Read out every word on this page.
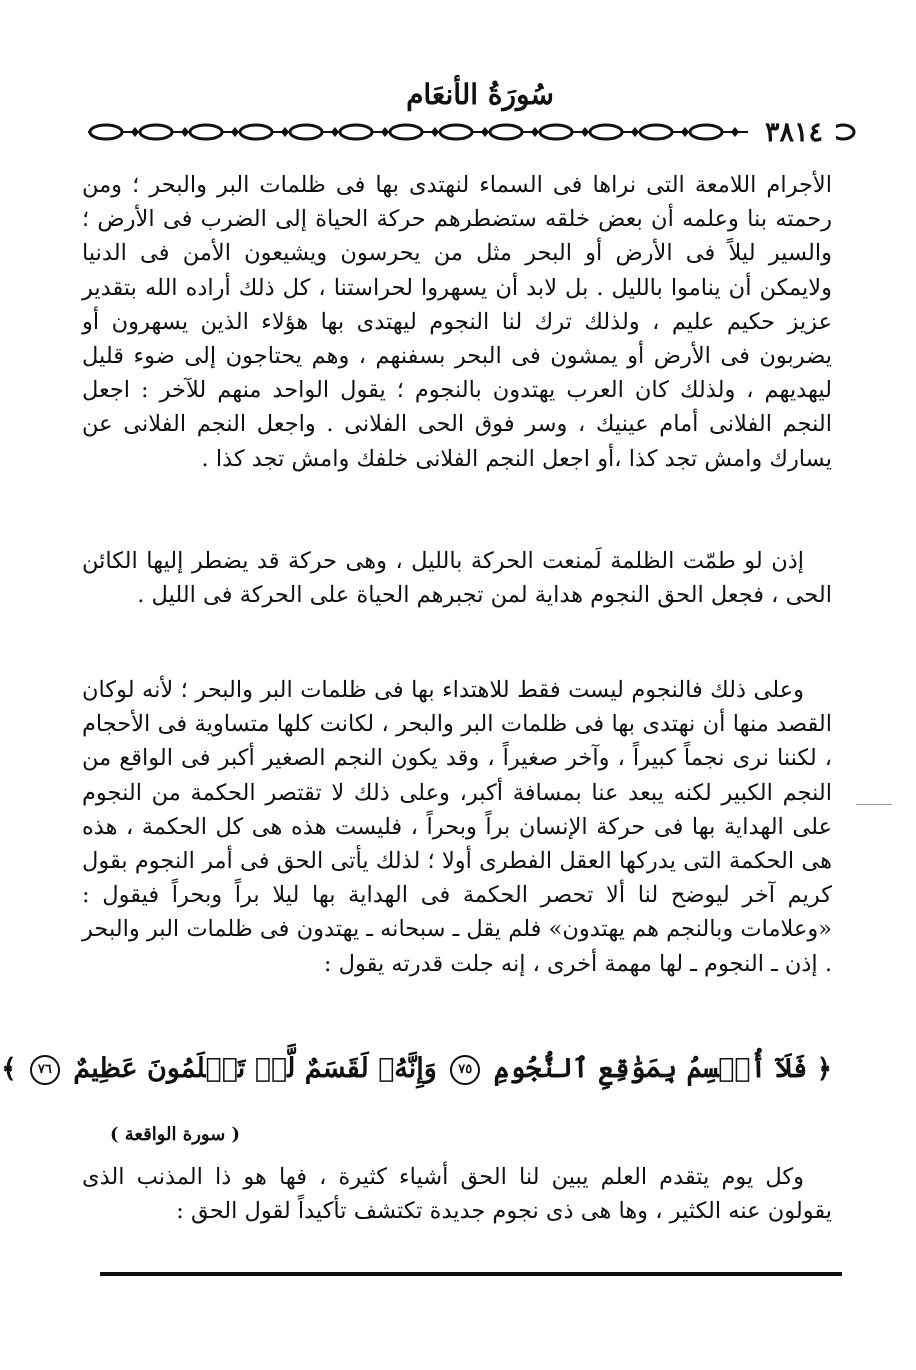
سُورَةُ الأنعَام
٣٨١٤
الأجرام اللامعة التى نراها فى السماء لنهتدى بها فى ظلمات البر والبحر ؛ ومن رحمته بنا وعلمه أن بعض خلقه ستضطرهم حركة الحياة إلى الضرب فى الأرض ؛ والسير ليلاً فى الأرض أو البحر مثل من يحرسون ويشيعون الأمن فى الدنيا ولايمكن أن يناموا بالليل . بل لابد أن يسهروا لحراستنا ، كل ذلك أراده الله بتقدير عزيز حكيم عليم ، ولذلك ترك لنا النجوم ليهتدى بها هؤلاء الذين يسهرون أو يضربون فى الأرض أو يمشون فى البحر بسفنهم ، وهم يحتاجون إلى ضوء قليل ليهديهم ، ولذلك كان العرب يهتدون بالنجوم ؛ يقول الواحد منهم للآخر : اجعل النجم الفلانى أمام عينيك ، وسر فوق الحى الفلانى . واجعل النجم الفلانى عن يسارك وامش تجد كذا ،أو اجعل النجم الفلانى خلفك وامش تجد كذا .
إذن لو طمّت الظلمة لَمنعت الحركة بالليل ، وهى حركة قد يضطر إليها الكائن الحى ، فجعل الحق النجوم هداية لمن تجبرهم الحياة على الحركة فى الليل .
وعلى ذلك فالنجوم ليست فقط للاهتداء بها فى ظلمات البر والبحر ؛ لأنه لوكان القصد منها أن نهتدى بها فى ظلمات البر والبحر ، لكانت كلها متساوية فى الأحجام ، لكننا نرى نجماً كبيراً ، وآخر صغيراً ، وقد يكون النجم الصغير أكبر فى الواقع من النجم الكبير لكنه يبعد عنا بمسافة أكبر، وعلى ذلك لا تقتصر الحكمة من النجوم على الهداية بها فى حركة الإنسان براً وبحراً ، فليست هذه هى كل الحكمة ، هذه هى الحكمة التى يدركها العقل الفطرى أولا ؛ لذلك يأتى الحق فى أمر النجوم بقول كريم آخر ليوضح لنا ألا تحصر الحكمة فى الهداية بها ليلا براً وبحراً فيقول : «وعلامات وبالنجم هم يهتدون» فلم يقل ـ سبحانه ـ يهتدون فى ظلمات البر والبحر . إذن ـ النجوم ـ لها مهمة أخرى ، إنه جلت قدرته يقول :
﴿ فَلَآ أُقۡسِمُ بِمَوَٰقِعِ ٱلنُّجُومِ ٧٥ وَإِنَّهُۥ لَقَسَمٌ لَّوۡ تَعۡلَمُونَ عَظِيمٌ ٧٦ ﴾
( سورة الواقعة )
وكل يوم يتقدم العلم يبين لنا الحق أشياء كثيرة ، فها هو ذا المذنب الذى يقولون عنه الكثير ، وها هى ذى نجوم جديدة تكتشف تأكيداً لقول الحق :
